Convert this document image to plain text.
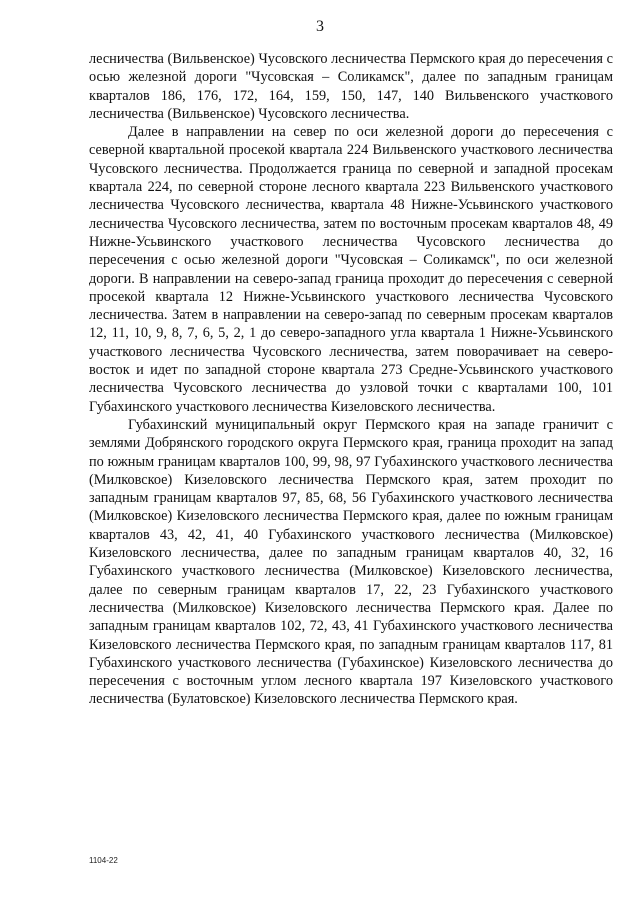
3

лесничества (Вильвенское) Чусовского лесничества Пермского края до пересечения с осью железной дороги "Чусовская – Соликамск", далее по западным границам кварталов 186, 176, 172, 164, 159, 150, 147, 140 Вильвенского участкового лесничества (Вильвенское) Чусовского лесничества.

Далее в направлении на север по оси железной дороги до пересечения с северной квартальной просекой квартала 224 Вильвенского участкового лесничества Чусовского лесничества. Продолжается граница по северной и западной просекам квартала 224, по северной стороне лесного квартала 223 Вильвенского участкового лесничества Чусовского лесничества, квартала 48 Нижне-Усьвинского участкового лесничества Чусовского лесничества, затем по восточным просекам кварталов 48, 49 Нижне-Усьвинского участкового лесничества Чусовского лесничества до пересечения с осью железной дороги "Чусовская – Соликамск", по оси железной дороги. В направлении на северо-запад граница проходит до пересечения с северной просекой квартала 12 Нижне-Усьвинского участкового лесничества Чусовского лесничества. Затем в направлении на северо-запад по северным просекам кварталов 12, 11, 10, 9, 8, 7, 6, 5, 2, 1 до северо-западного угла квартала 1 Нижне-Усьвинского участкового лесничества Чусовского лесничества, затем поворачивает на северо-восток и идет по западной стороне квартала 273 Средне-Усьвинского участкового лесничества Чусовского лесничества до узловой точки с кварталами 100, 101 Губахинского участкового лесничества Кизеловского лесничества.

Губахинский муниципальный округ Пермского края на западе граничит с землями Добрянского городского округа Пермского края, граница проходит на запад по южным границам кварталов 100, 99, 98, 97 Губахинского участкового лесничества (Милковское) Кизеловского лесничества Пермского края, затем проходит по западным границам кварталов 97, 85, 68, 56 Губахинского участкового лесничества (Милковское) Кизеловского лесничества Пермского края, далее по южным границам кварталов 43, 42, 41, 40 Губахинского участкового лесничества (Милковское) Кизеловского лесничества, далее по западным границам кварталов 40, 32, 16 Губахинского участкового лесничества (Милковское) Кизеловского лесничества, далее по северным границам кварталов 17, 22, 23 Губахинского участкового лесничества (Милковское) Кизеловского лесничества Пермского края. Далее по западным границам кварталов 102, 72, 43, 41 Губахинского участкового лесничества Кизеловского лесничества Пермского края, по западным границам кварталов 117, 81 Губахинского участкового лесничества (Губахинское) Кизеловского лесничества до пересечения с восточным углом лесного квартала 197 Кизеловского участкового лесничества (Булатовское) Кизеловского лесничества Пермского края.

1104-22
